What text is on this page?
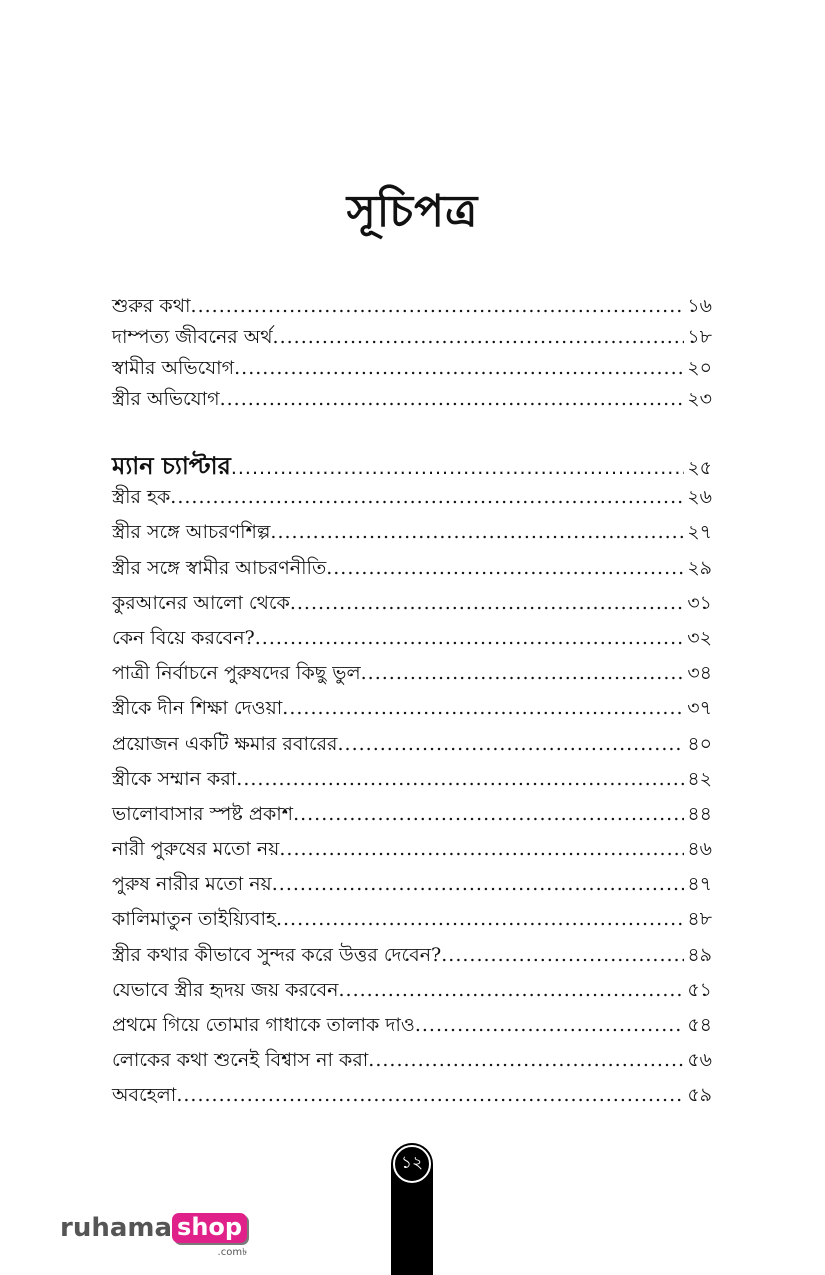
সূচিপত্র
শুরুর কথা .....	১৬
দাম্পত্য জীবনের অর্থ .....	১৮
স্বামীর অভিযোগ .....	২০
স্ত্রীর অভিযোগ .....	২৩
ম্যান চ্যাপ্টার .....	২৫
স্ত্রীর হক .....	২৬
স্ত্রীর সঙ্গে আচরণশিল্প .....	২৭
স্ত্রীর সঙ্গে স্বামীর আচরণনীতি .....	২৯
কুরআনের আলো থেকে .....	৩১
কেন বিয়ে করবেন? .....	৩২
পাত্রী নির্বাচনে পুরুষদের কিছু ভুল .....	৩৪
স্ত্রীকে দীন শিক্ষা দেওয়া .....	৩৭
প্রয়োজন একটি ক্ষমার রবারের .....	৪০
স্ত্রীকে সম্মান করা .....	৪২
ভালোবাসার স্পষ্ট প্রকাশ .....	৪৪
নারী পুরুষের মতো নয় .....	৪৬
পুরুষ নারীর মতো নয় .....	৪৭
কালিমাতুন তাইয়্যিবাহ .....	৪৮
স্ত্রীর কথার কীভাবে সুন্দর করে উত্তর দেবেন? .....	৪৯
যেভাবে স্ত্রীর হৃদয় জয় করবেন .....	৫১
প্রথমে গিয়ে তোমার গাধাকে তালাক দাও .....	৫৪
লোকের কথা শুনেই বিশ্বাস না করা .....	৫৬
অবহেলা .....	৫৯
১২
ruhama shop
.com৳
